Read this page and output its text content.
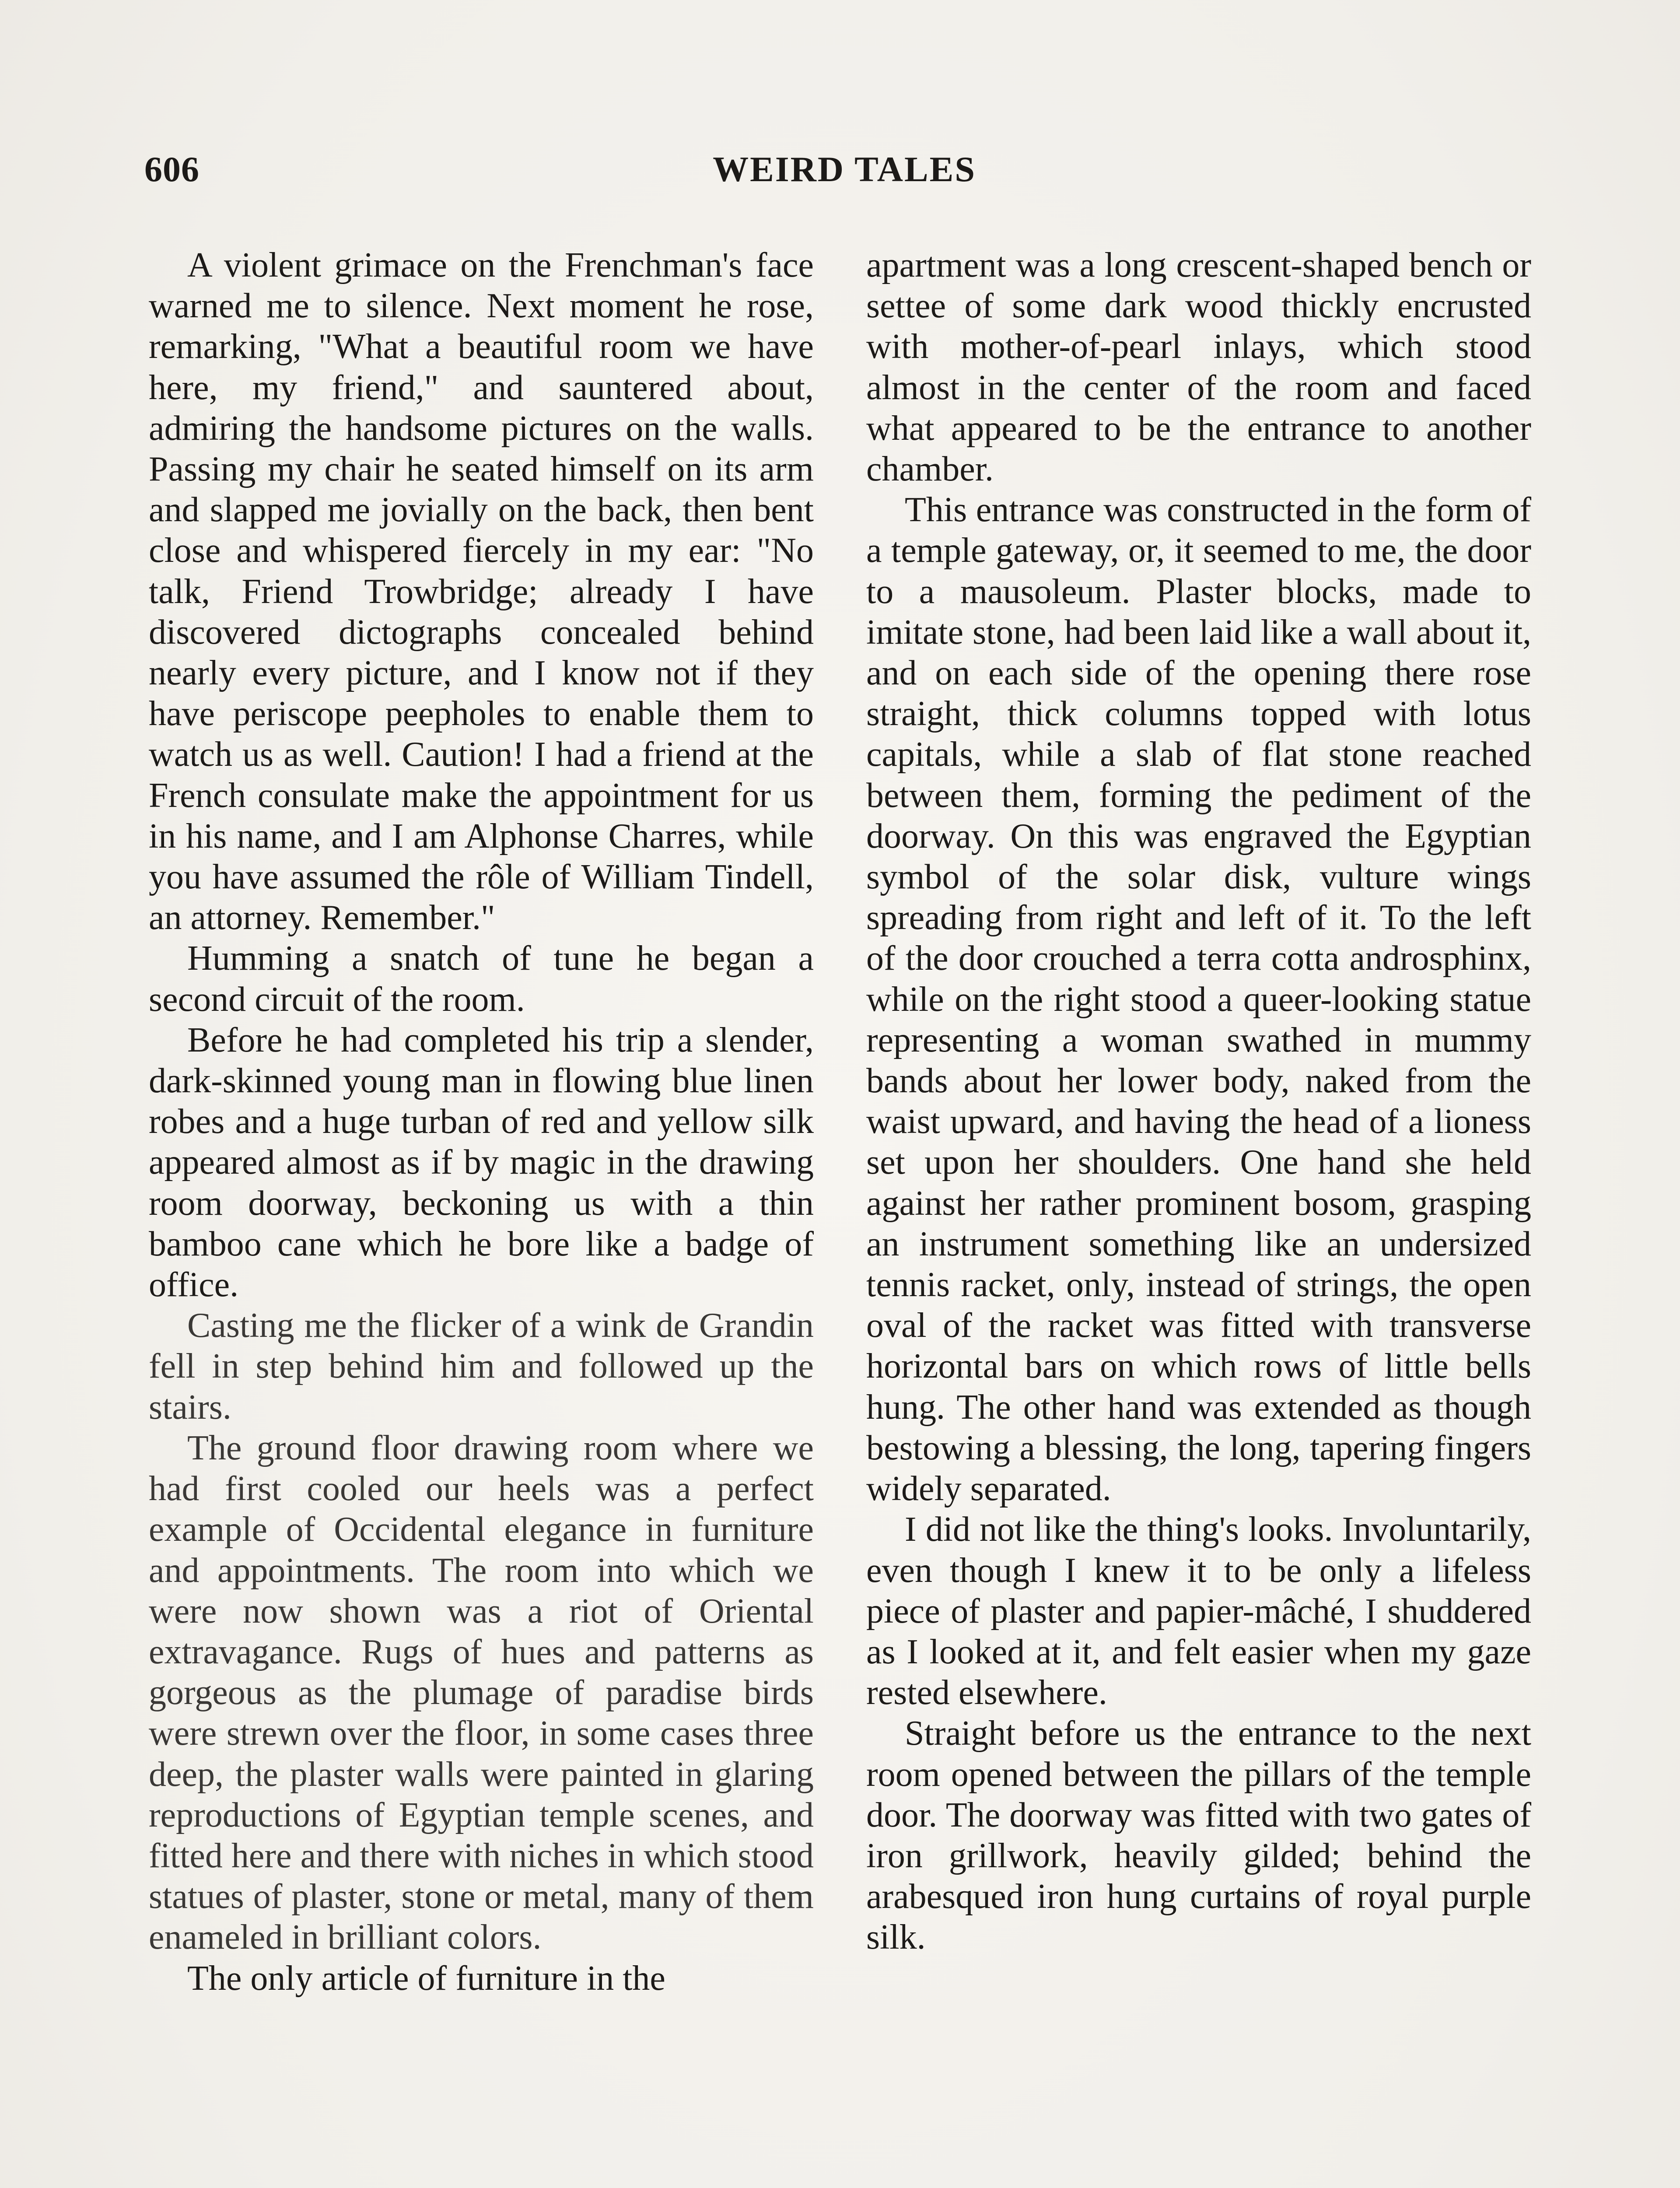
606	WEIRD TALES

A violent grimace on the Frenchman's face warned me to silence. Next moment he rose, remarking, "What a beautiful room we have here, my friend," and sauntered about, admiring the handsome pictures on the walls. Passing my chair he seated himself on its arm and slapped me jovially on the back, then bent close and whispered fiercely in my ear: "No talk, Friend Trowbridge; already I have discovered dictographs concealed behind nearly every picture, and I know not if they have periscope peepholes to enable them to watch us as well. Caution! I had a friend at the French consulate make the appointment for us in his name, and I am Alphonse Charres, while you have assumed the rôle of William Tindell, an attorney. Remember."

Humming a snatch of tune he began a second circuit of the room.

Before he had completed his trip a slender, dark-skinned young man in flowing blue linen robes and a huge turban of red and yellow silk appeared almost as if by magic in the drawing room doorway, beckoning us with a thin bamboo cane which he bore like a badge of office.

Casting me the flicker of a wink de Grandin fell in step behind him and followed up the stairs.

The ground floor drawing room where we had first cooled our heels was a perfect example of Occidental elegance in furniture and appointments. The room into which we were now shown was a riot of Oriental extravagance. Rugs of hues and patterns as gorgeous as the plumage of paradise birds were strewn over the floor, in some cases three deep, the plaster walls were painted in glaring reproductions of Egyptian temple scenes, and fitted here and there with niches in which stood statues of plaster, stone or metal, many of them enameled in brilliant colors.

The only article of furniture in the

apartment was a long crescent-shaped bench or settee of some dark wood thickly encrusted with mother-of-pearl inlays, which stood almost in the center of the room and faced what appeared to be the entrance to another chamber.

This entrance was constructed in the form of a temple gateway, or, it seemed to me, the door to a mausoleum. Plaster blocks, made to imitate stone, had been laid like a wall about it, and on each side of the opening there rose straight, thick columns topped with lotus capitals, while a slab of flat stone reached between them, forming the pediment of the doorway. On this was engraved the Egyptian symbol of the solar disk, vulture wings spreading from right and left of it. To the left of the door crouched a terra cotta androsphinx, while on the right stood a queer-looking statue representing a woman swathed in mummy bands about her lower body, naked from the waist upward, and having the head of a lioness set upon her shoulders. One hand she held against her rather prominent bosom, grasping an instrument something like an undersized tennis racket, only, instead of strings, the open oval of the racket was fitted with transverse horizontal bars on which rows of little bells hung. The other hand was extended as though bestowing a blessing, the long, tapering fingers widely separated.

I did not like the thing's looks. Involuntarily, even though I knew it to be only a lifeless piece of plaster and papier-mâché, I shuddered as I looked at it, and felt easier when my gaze rested elsewhere.

Straight before us the entrance to the next room opened between the pillars of the temple door. The doorway was fitted with two gates of iron grillwork, heavily gilded; behind the arabesqued iron hung curtains of royal purple silk.
